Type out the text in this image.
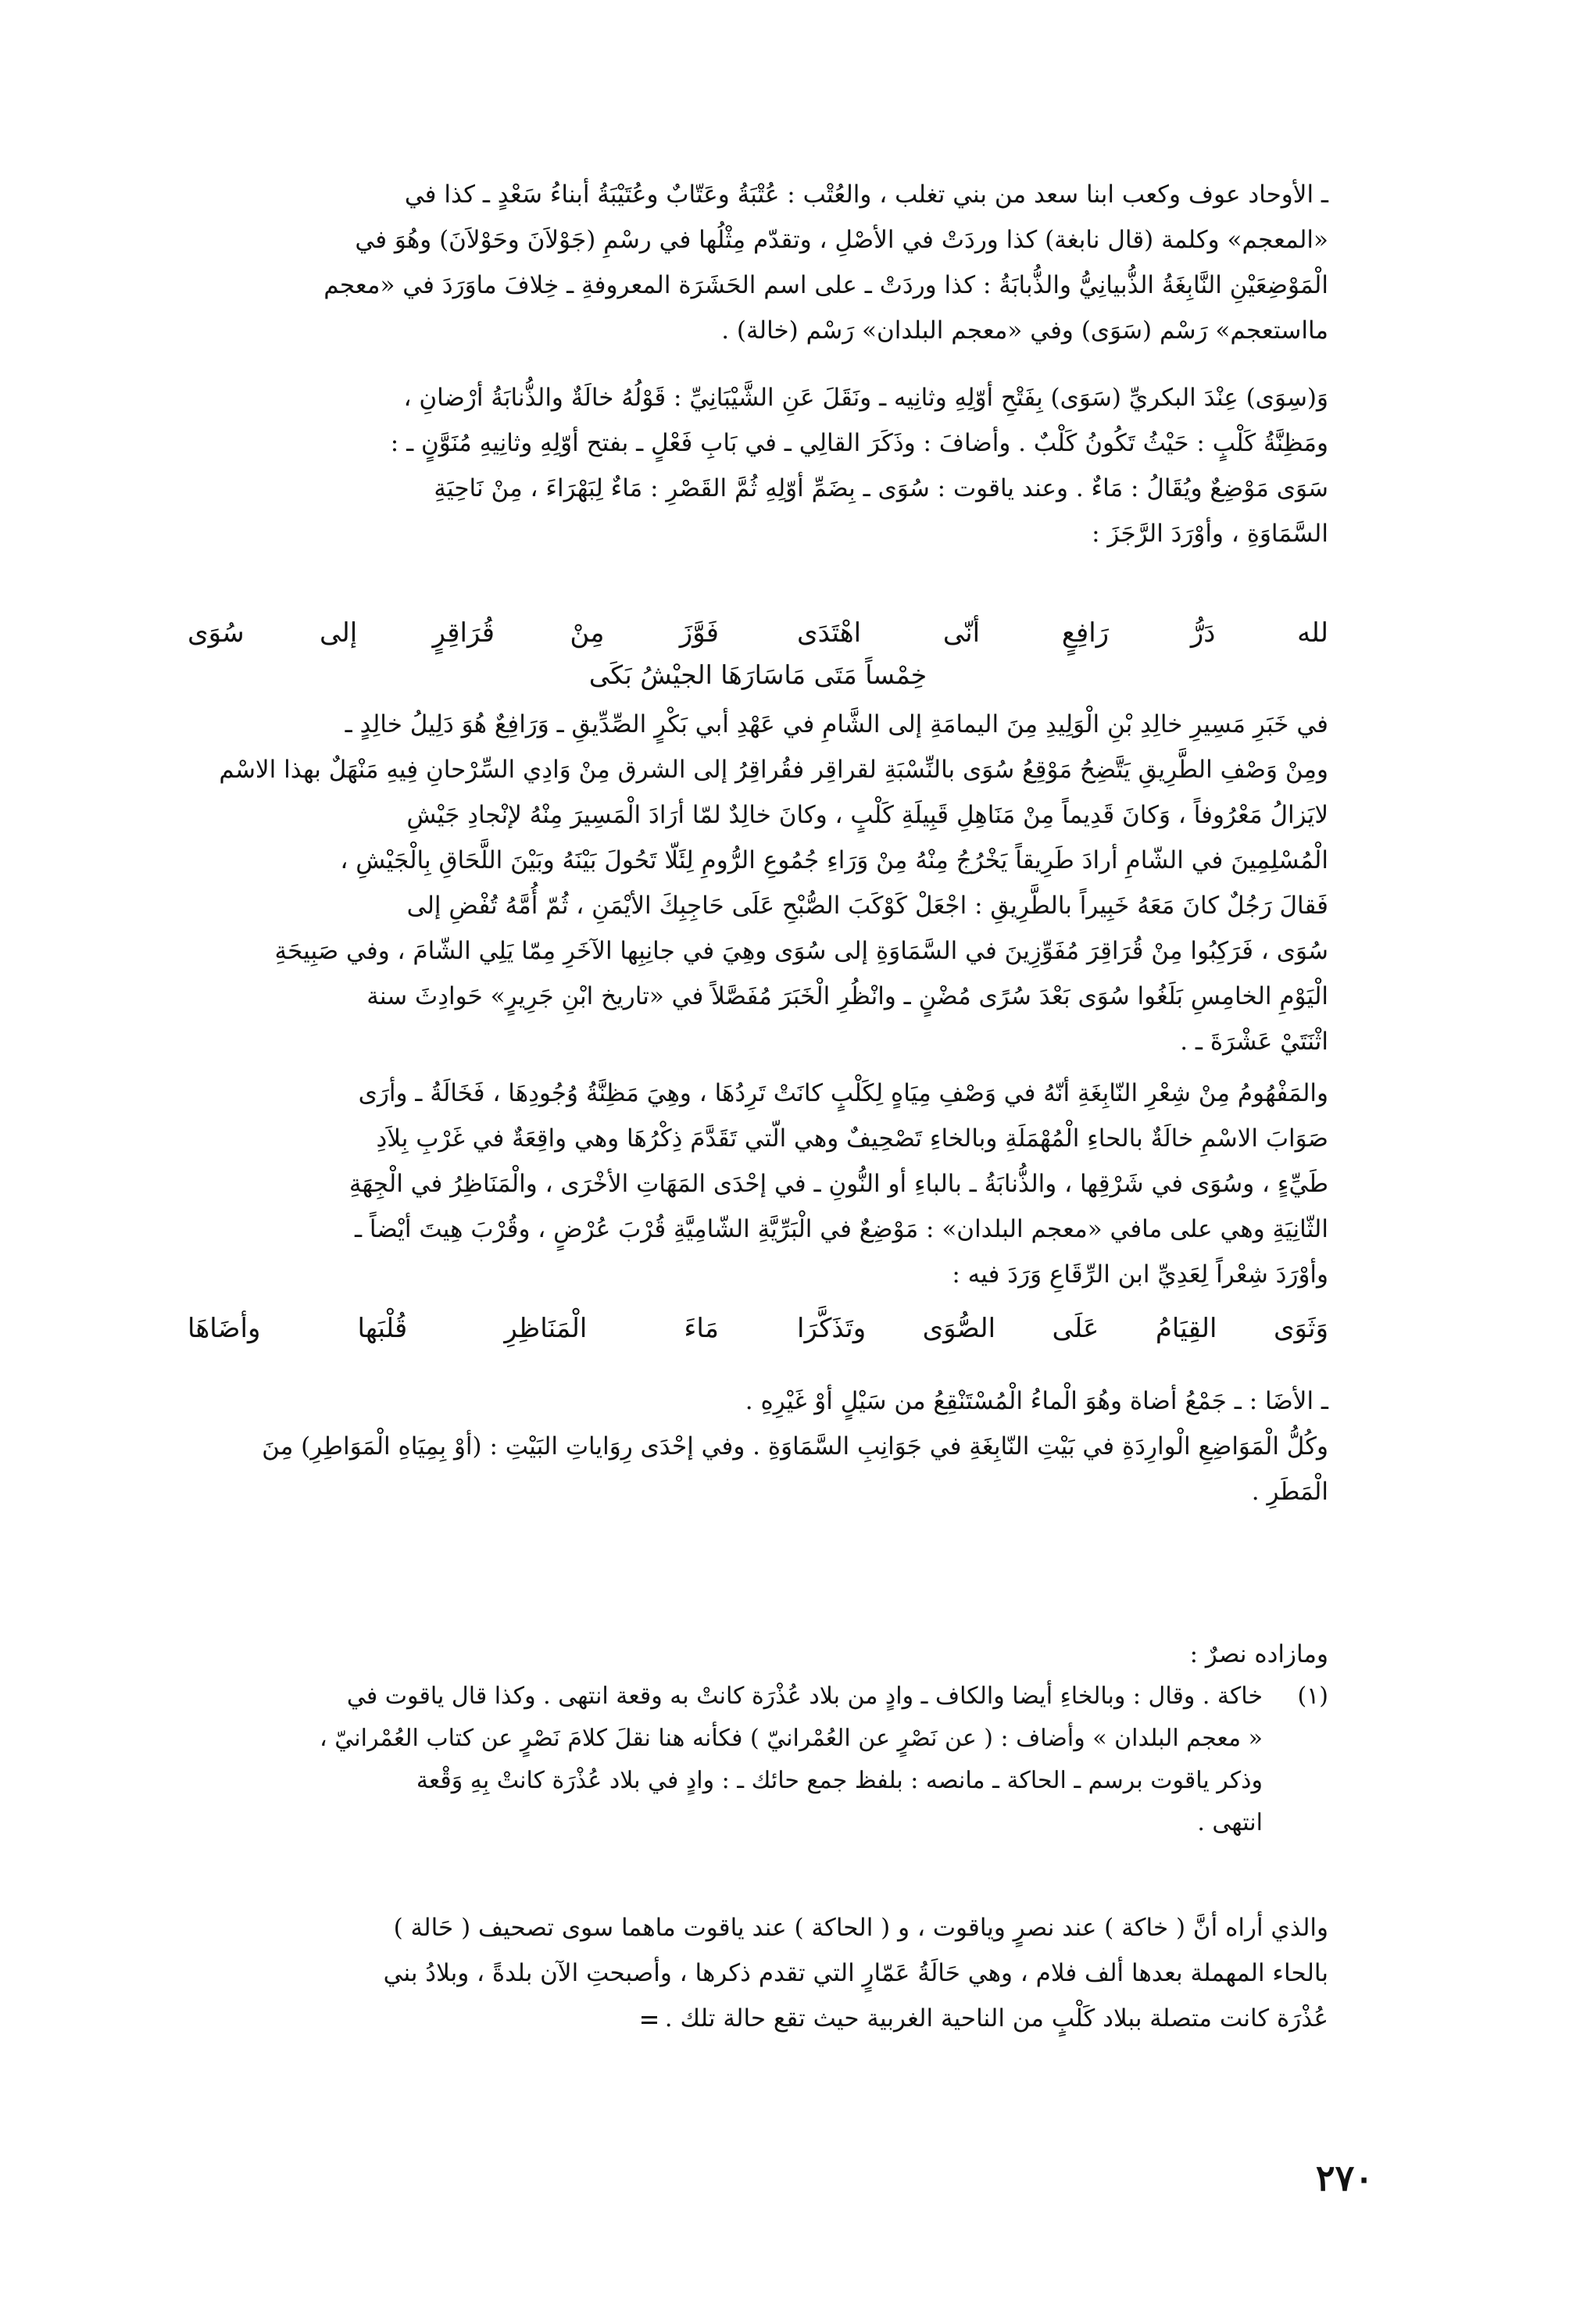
ـ الأوحاد عوف وكعب ابنا سعد من بني تغلب ، والعُتْب : عُتْبَةُ وعَتّابٌ وعُتَيْبَةُ أبناءُ سَعْدٍ ـ كذا في

«المعجم» وكلمة (قال نابغة) كذا وردَتْ في الأصْلِ ، وتقدّم مِثْلُها في رسْمِ (جَوْلاَنَ وحَوْلاَنَ) وهُوَ في

الْمَوْضِعَيْنِ النَّابِغَةُ الذُّبيانِيُّ والذُّبابَةُ : كذا وردَتْ ـ على اسم الحَشَرَة المعروفةِ ـ خِلافَ ماوَرَدَ في «معجم

مااستعجم» رَسْم (سَوَى) وفي «معجم البلدان» رَسْم (خالة) .

وَ(سِوَى) عِنْدَ البكريِّ (سَوَى) بِفَتْحِ أوّلِهِ وثانِيه ـ ونَقَلَ عَنِ الشَّيْبَانِيِّ : قَوْلُهُ خالَةٌ والذُّنابَةُ أرْضانِ ،

ومَظِنَّةُ كَلْبٍ : حَيْثُ تَكُونُ كَلْبٌ . وأضافَ : وذَكَرَ القالِي ـ في بَابِ فَعْلٍ ـ بفتح أوّلِهِ وثانِيهِ مُنَوَّنٍ ـ :

سَوَى مَوْضِعٌ ويُقَالُ : مَاءٌ . وعند ياقوت : سُوَى ـ بِضَمِّ أوّلِهِ ثُمَّ القَصْرِ : مَاءٌ لِبَهْرَاءَ ، مِنْ نَاحِيَةِ

السَّمَاوَةِ ، وأوْرَدَ الرَّجَزَ :

لله دَرُّ رَافِعٍ أنّى اهْتَدَى
فَوَّزَ مِنْ قُرَاقِرٍ إلى سُوَى
خِمْساً مَتَى مَاسَارَهَا الجيْشُ بَكَى

في خَبَرِ مَسِيرِ خالِدِ بْنِ الْوَلِيدِ مِنَ اليمامَةِ إلى الشَّامِ في عَهْدِ أبي بَكْرٍ الصِّدِّيقِ ـ وَرَافِعٌ هُوَ دَلِيلُ خالِدٍ ـ

ومِنْ وَصْفِ الطَّرِيقِ يَتَّضِحُ مَوْقِعُ سُوَى بالنِّسْبَةِ لقراقِر فقُراقِرُ إلى الشرق مِنْ وَادِي السِّرْحانِ فِيهِ مَنْهَلٌ بهذا الاسْم

لايَزالُ مَعْرُوفاً ، وَكانَ قَدِيماً مِنْ مَنَاهِلِ قَبِيلَةِ كَلْبٍ ، وكانَ خالِدٌ لمّا أرَادَ الْمَسِيرَ مِنْهُ لإنْجادِ جَيْشِ

الْمُسْلِمِينَ في الشّامِ أرادَ طَرِيقاً يَخْرُجُ مِنْهُ مِنْ وَرَاءِ جُمُوعِ الرُّومِ لِئَلّا تَحُولَ بَيْنَهُ وبَيْنَ اللَّحَاقِ بِالْجَيْشِ ،

فَقالَ رَجُلٌ كانَ مَعَهُ خَبِيراً بالطَّرِيقِ : اجْعَلْ كَوْكَبَ الصُّبْحِ عَلَى حَاجِبِكَ الأيْمَنِ ، ثُمّ أُمَّهُ تُفْضِ إلى

سُوَى ، فَرَكِبُوا مِنْ قُرَاقِرَ مُفَوِّزِينَ في السَّمَاوَةِ إلى سُوَى وهِيَ في جانِبِها الآخَرِ مِمّا يَلِي الشّامَ ، وفي صَبِيحَةِ

الْيَوْمِ الخامِسِ بَلَغُوا سُوَى بَعْدَ سُرًى مُضْنٍ ـ وانْظُرِ الْخَبَرَ مُفَصَّلاً في «تاريخ ابْنِ جَرِيرٍ» حَوادِثَ سنة

اثْنَتَيْ عَشْرَةَ ـ .

والمَفْهُومُ مِنْ شِعْرِ النّابِغَةِ أنّهُ في وَصْفِ مِيَاهٍ لِكَلْبٍ كانَتْ تَرِدُهَا ، وهِيَ مَظِنَّةُ وُجُودِهَا ، فَخَالَةُ ـ وأرَى

صَوَابَ الاسْمِ خالَةٌ بالحاءِ الْمُهْمَلَةِ وبالخاءِ تَصْحِيفٌ وهي الّتي تَقَدَّمَ ذِكْرُهَا وهي واقِعَةٌ في غَرْبِ بِلاَدِ

طَيِّءٍ ، وسُوَى في شَرْقِها ، والذُّنابَةُ ـ بالباءِ أو النُّونِ ـ في إحْدَى المَهَاتِ الأخْرَى ، والْمَنَاظِرُ في الْجِهَةِ

الثّانِيَةِ وهي على مافي «معجم البلدان» : مَوْضِعٌ في الْبَرِّيَّةِ الشّامِيَّةِ قُرْبَ عُرْضٍ ، وقُرْبَ هِيتَ أيْضاً ـ

وأوْرَدَ شِعْراً لِعَدِيِّ ابن الرِّقَاعِ وَرَدَ فيه :

وَثَوَى القِيَامُ عَلَى الصُّوَى وتَذَكَّرَا
مَاءَ الْمَنَاظِرِ قُلْبَها وأضَاهَا

ـ الأضَا : ـ جَمْعُ أضاة وهُوَ الْماءُ الْمُسْتَنْقِعُ من سَيْلٍ أوْ غَيْرِهِ .

وكُلُّ الْمَوَاضِعِ الْوارِدَةِ في بَيْتِ النّابِغَةِ في جَوَانِبِ السَّمَاوَةِ . وفي إحْدَى رِوَاياتِ البَيْتِ : (أوْ بِمِيَاهِ الْمَوَاطِرِ) مِنَ

الْمَطَرِ .

ومازاده نصرٌ :

(١)
خاكة . وقال : وبالخاءِ أيضا والكاف ـ وادٍ من بلاد عُذْرَة كانتْ به وقعة انتهى . وكذا قال ياقوت في
« معجم البلدان » وأضاف : ( عن نَصْرٍ عن العُمْرانيّ ) فكأنه هنا نقلَ كلامَ نَصْرٍ عن كتاب العُمْرانيّ ،
وذكر ياقوت برسم ـ الحاكة ـ مانصه : بلفظ جمع حائك ـ : وادٍ في بلاد عُذْرَة كانتْ بِهِ وَقْعة
انتهى .

والذي أراه أنَّ ( خاكة ) عند نصرٍ وياقوت ، و ( الحاكة ) عند ياقوت ماهما سوى تصحيف ( حَالة )

بالحاء المهملة بعدها ألف فلام ، وهي حَالَةُ عَمّارٍ التي تقدم ذكرها ، وأصبحتِ الآن بلدةً ، وبلادُ بني

عُذْرَة كانت متصلة ببلاد كَلْبٍ من الناحية الغربية حيث تقع حالة تلك .

٢٧٠
